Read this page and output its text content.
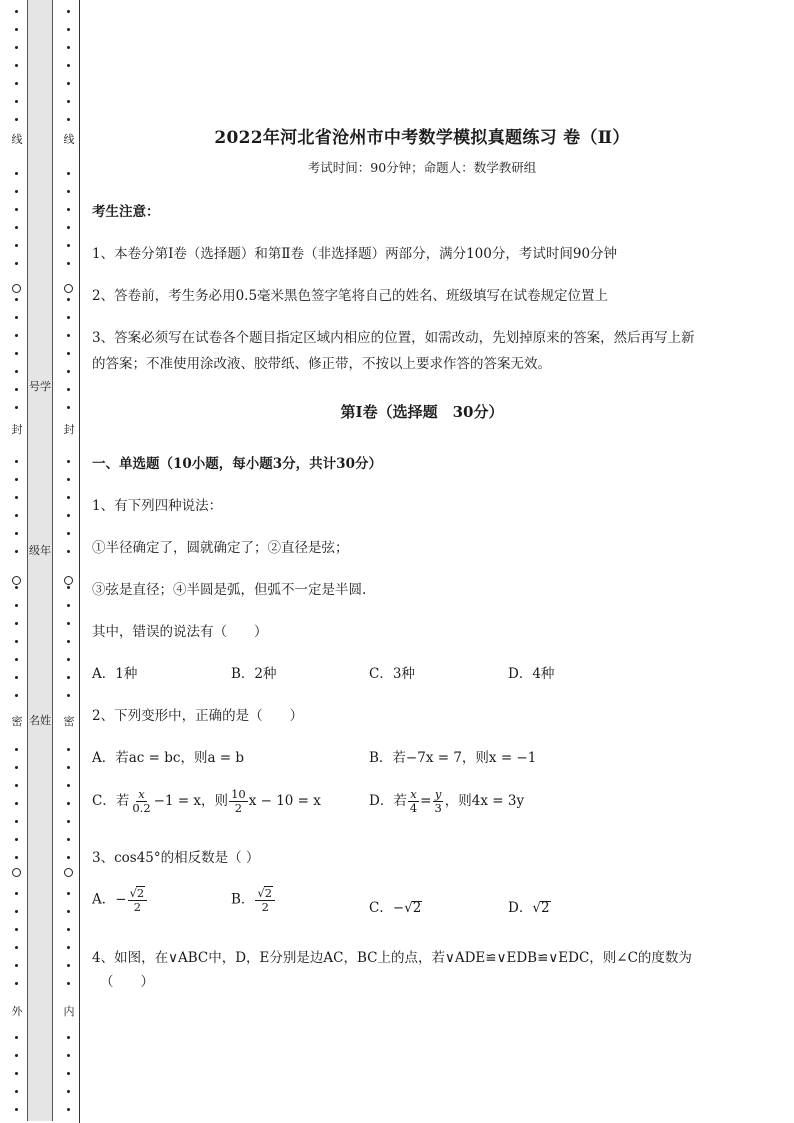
线
封
密
外
号学
级年
名姓
线
封
密
内
2022年河北省沧州市中考数学模拟真题练习 卷（Ⅱ）
考试时间：90分钟；命题人：数学教研组
考生注意：
1、本卷分第I卷（选择题）和第Ⅱ卷（非选择题）两部分，满分100分，考试时间90分钟
2、答卷前，考生务必用0.5毫米黑色签字笔将自己的姓名、班级填写在试卷规定位置上
3、答案必须写在试卷各个题目指定区域内相应的位置，如需改动，先划掉原来的答案，然后再写上新
的答案；不准使用涂改液、胶带纸、修正带，不按以上要求作答的答案无效。
第Ⅰ卷（选择题　30分）
一、单选题（10小题，每小题3分，共计30分）
1、有下列四种说法：
①半径确定了，圆就确定了；②直径是弦；
③弦是直径；④半圆是弧，但弧不一定是半圆.
其中，错误的说法有（　　）
A．1种	B．2种	C．3种	D．4种
2、下列变形中，正确的是（　　）
A．若ac = bc，则a = b	B．若−7x = 7，则x = −1
C．若 $\frac{x}{0.2} -1 = x$，则 $\frac{10}{2}$ x − 10 = x	D．若 $\frac{x}{4} = \frac{y}{3}$ ，则4x = 3y
3、cos45°的相反数是（ ）
A．− $\frac{√2}{2}$	B． $\frac{√2}{2}$	C．−√2	D．√2
4、如图，在∨ABC中，D，E分别是边AC，BC上的点，若∨ADE≌∨EDB≌∨EDC，则∠C的度数为
（　　）
